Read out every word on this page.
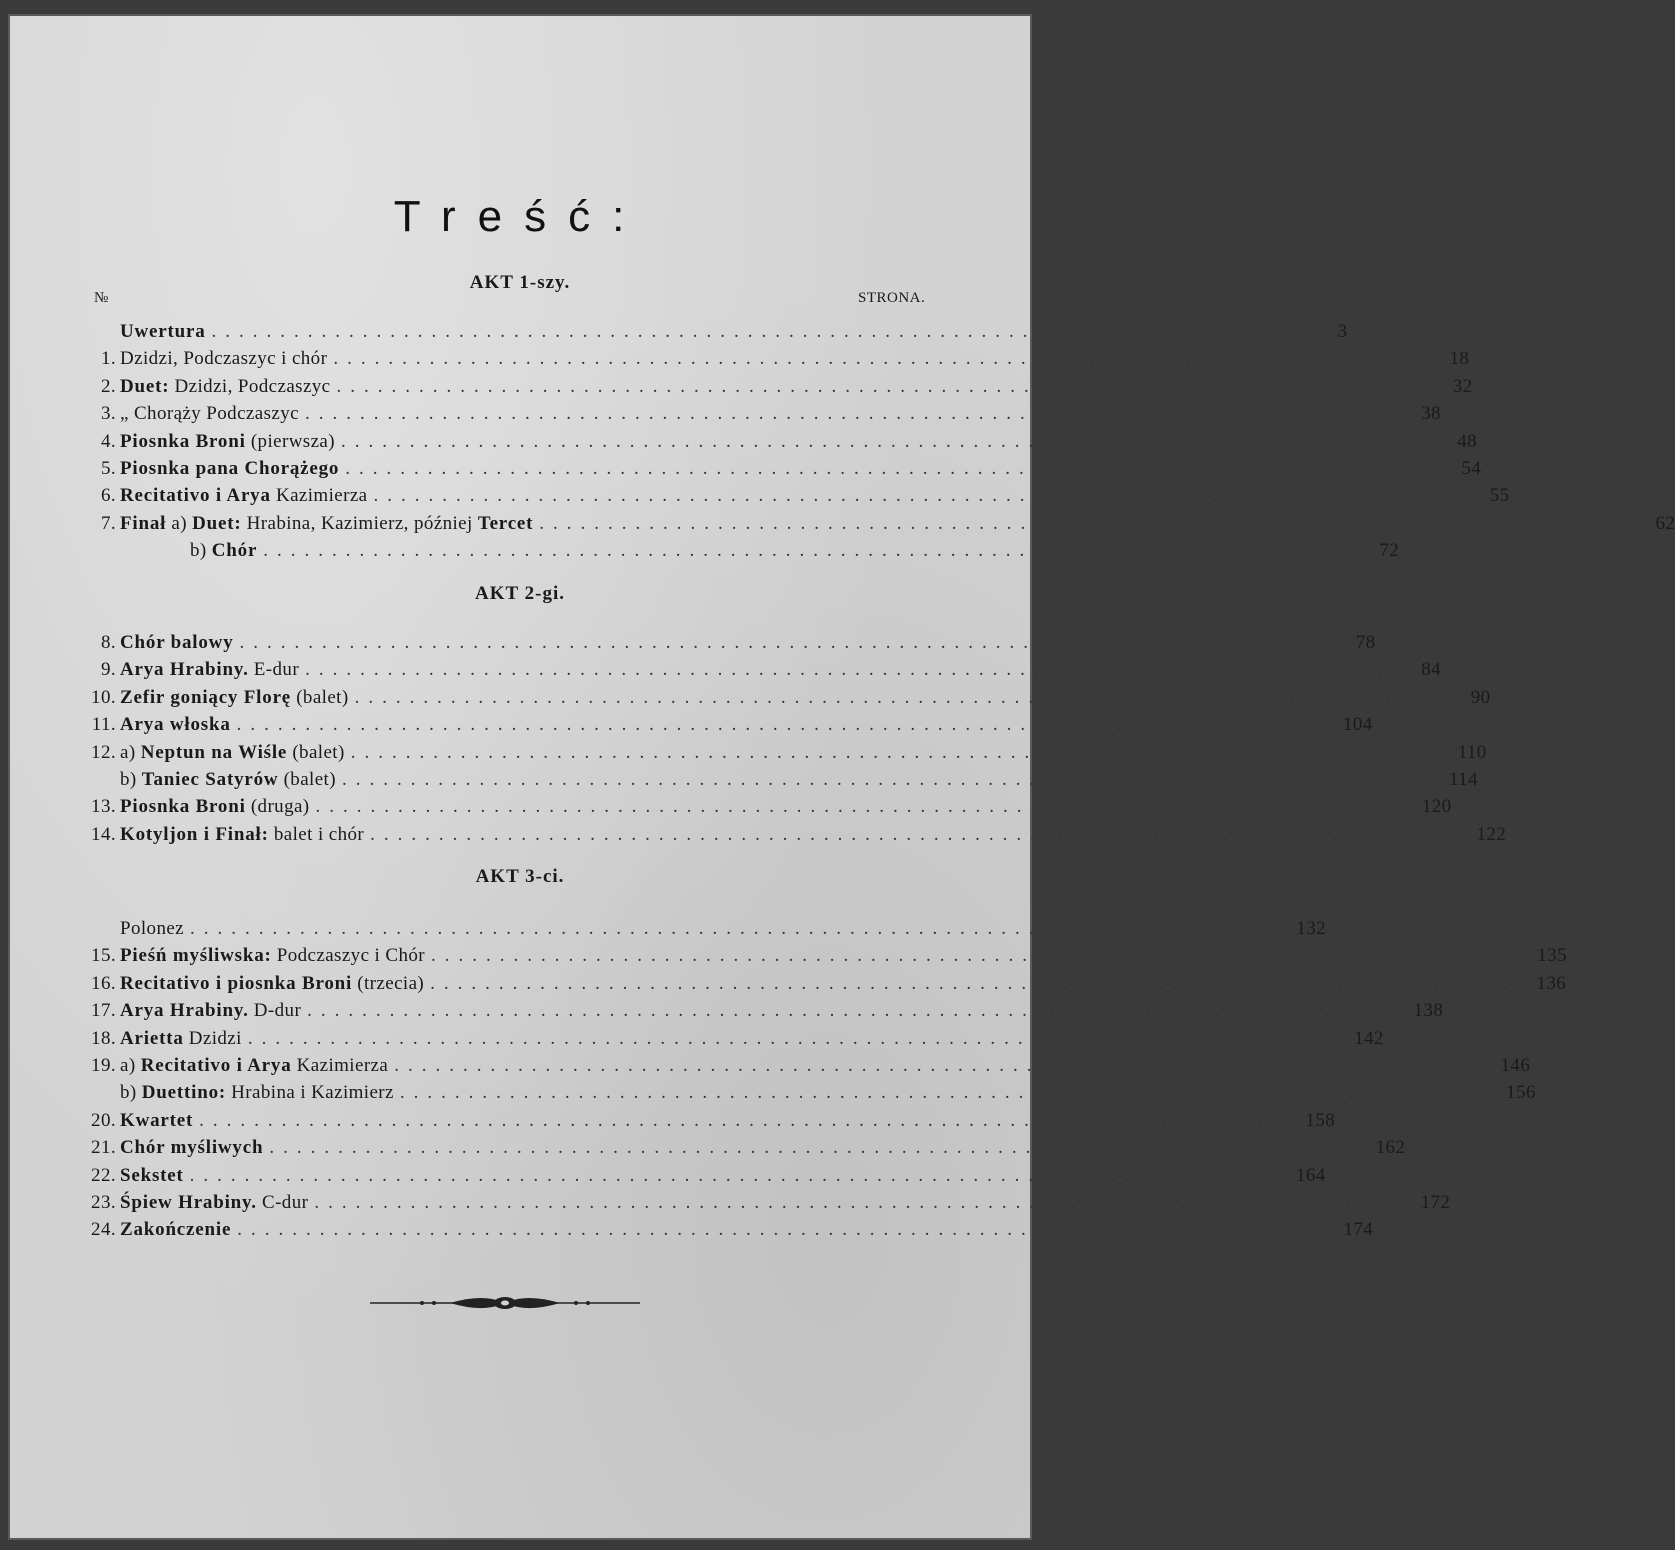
Treść:
№	STRONA.
Uwertura ................................................................................	3
1. Dzidzi, Podczaszyc i chór ................................................................................ 18
2. Duet: Dzidzi, Podczaszyc ................................................................................ 32
3. „ Chorąży Podczaszyc ................................................................................ 38
4. Piosnka Broni (pierwsza) ................................................................................ 48
5. Piosnka pana Chorążego ................................................................................ 54
6. Recitativo i Arya Kazimierza ................................................................................ 55
7. Finał a) Duet: Hrabina, Kazimierz, później Tercet ................................................................................ 62
b) Chór ................................................................................ 72
8. Chór balowy ................................................................................ 78
9. Arya Hrabiny. E-dur ................................................................................ 84
10. Zefir goniący Florę (balet) ................................................................................ 90
11. Arya włoska ................................................................................ 104
12. a) Neptun na Wiśle (balet) ................................................................................ 110
b) Taniec Satyrów (balet) ................................................................................ 114
13. Piosnka Broni (druga) ................................................................................ 120
14. Kotyljon i Finał: balet i chór ................................................................................ 122
Polonez ................................................................................ 132
15. Pieśń myśliwska: Podczaszyc i Chór ................................................................................ 135
16. Recitativo i piosnka Broni (trzecia) ................................................................................ 136
17. Arya Hrabiny. D-dur ................................................................................ 138
18. Arietta Dzidzi ................................................................................ 142
19. a) Recitativo i Arya Kazimierza ................................................................................ 146
b) Duettino: Hrabina i Kazimierz ................................................................................ 156
20. Kwartet ................................................................................ 158
21. Chór myśliwych ................................................................................ 162
22. Sekstet ................................................................................ 164
23. Śpiew Hrabiny. C-dur ................................................................................ 172
24. Zakończenie ................................................................................ 174
AKT 1-szy.
AKT 2-gi.
AKT 3-ci.
